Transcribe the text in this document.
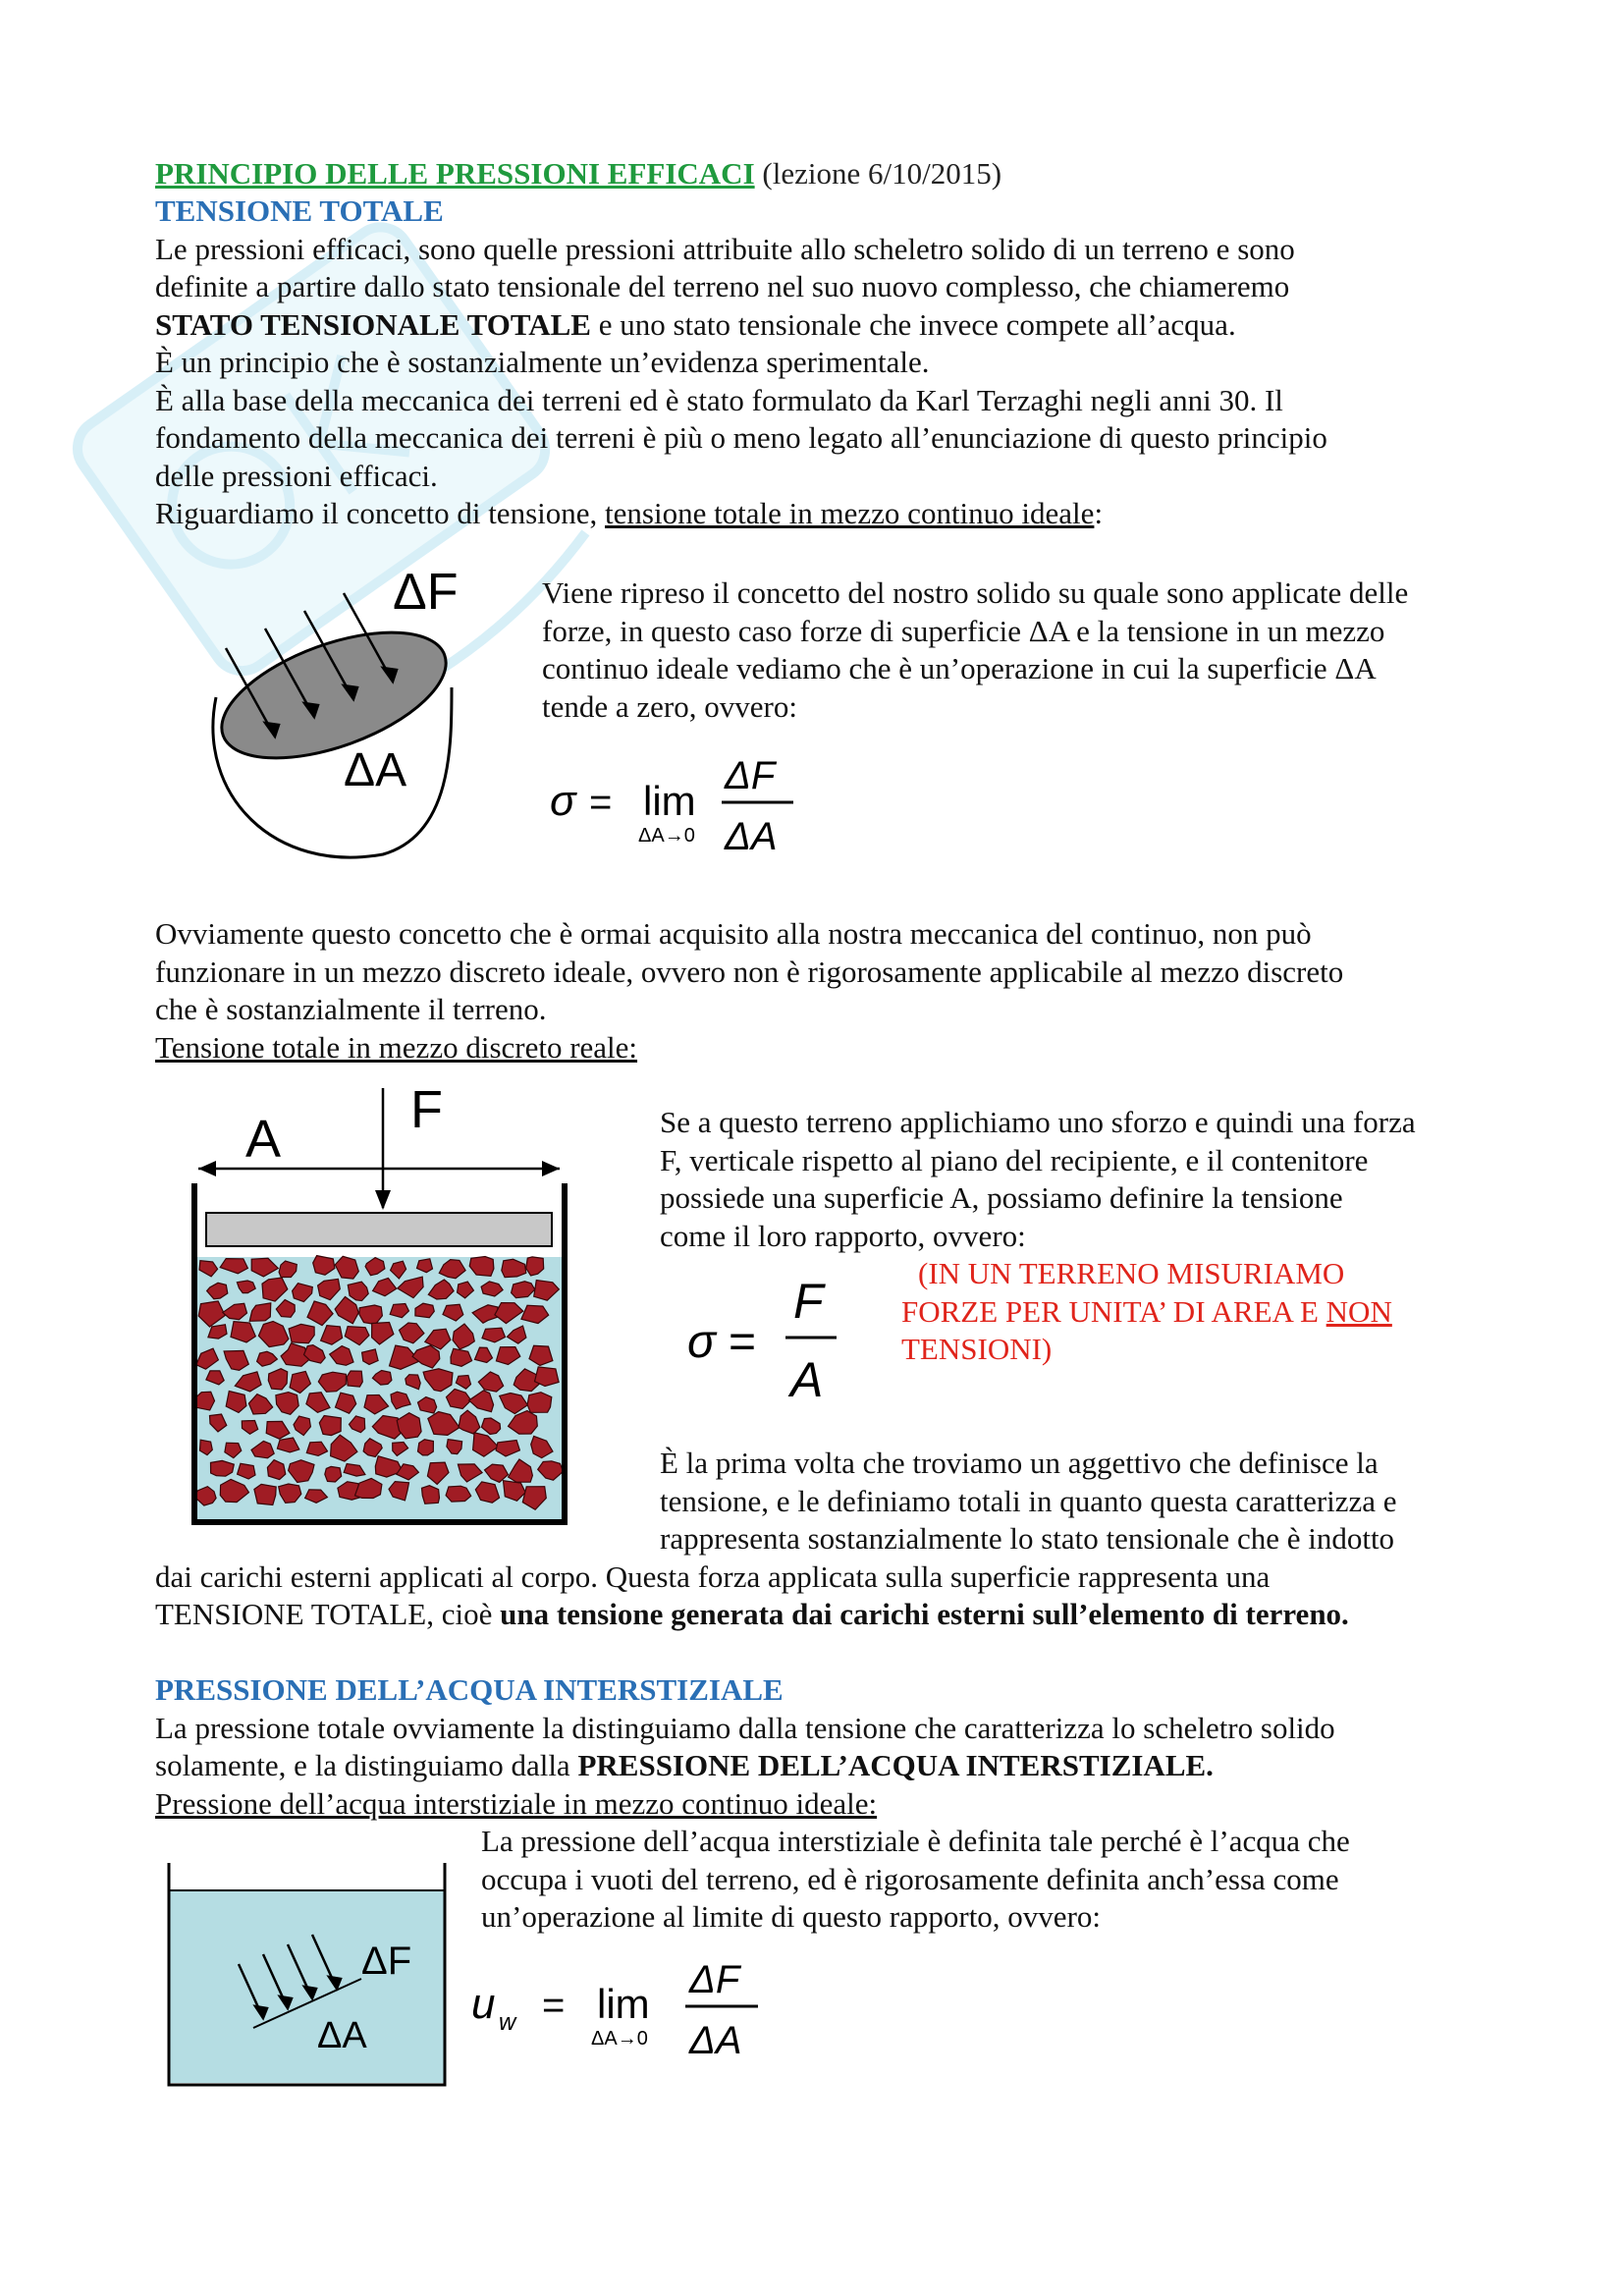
PRINCIPIO DELLE PRESSIONI EFFICACI (lezione 6/10/2015)
TENSIONE TOTALE
Le pressioni efficaci, sono quelle pressioni attribuite allo scheletro solido di un terreno e sono
definite a partire dallo stato tensionale del terreno nel suo nuovo complesso, che chiameremo
STATO TENSIONALE TOTALE e uno stato tensionale che invece compete all’acqua.
È un principio che è sostanzialmente un’evidenza sperimentale.
È alla base della meccanica dei terreni ed è stato formulato da Karl Terzaghi negli anni 30. Il
fondamento della meccanica dei terreni è più o meno legato all’enunciazione di questo principio
delle pressioni efficaci.
Riguardiamo il concetto di tensione, tensione totale in mezzo continuo ideale:
ΔF
ΔA
Viene ripreso il concetto del nostro solido su quale sono applicate delle
forze, in questo caso forze di superficie ΔA e la tensione in un mezzo
continuo ideale vediamo che è un’operazione in cui la superficie ΔA
tende a zero, ovvero:
σ = lim
ΔA→0
ΔF
ΔA
Ovviamente questo concetto che è ormai acquisito alla nostra meccanica del continuo, non può
funzionare in un mezzo discreto ideale, ovvero non è rigorosamente applicabile al mezzo discreto
che è sostanzialmente il terreno.
Tensione totale in mezzo discreto reale:
A F	Se a questo terreno applichiamo uno sforzo e quindi una forza
F, verticale rispetto al piano del recipiente, e il contenitore
possiede una superficie A, possiamo definire la tensione
come il loro rapporto, ovvero:
(IN UN TERRENO MISURIAMO
FORZE PER UNITA’ DI AREA E NON
TENSIONI)
σ =
F
A
È la prima volta che troviamo un aggettivo che definisce la
tensione, e le definiamo totali in quanto questa caratterizza e
rappresenta sostanzialmente lo stato tensionale che è indotto
dai carichi esterni applicati al corpo. Questa forza applicata sulla superficie rappresenta una
TENSIONE TOTALE, cioè una tensione generata dai carichi esterni sull’elemento di terreno.
PRESSIONE DELL’ACQUA INTERSTIZIALE
La pressione totale ovviamente la distinguiamo dalla tensione che caratterizza lo scheletro solido
solamente, e la distinguiamo dalla PRESSIONE DELL’ACQUA INTERSTIZIALE.
Pressione dell’acqua interstiziale in mezzo continuo ideale:
La pressione dell’acqua interstiziale è definita tale perché è l’acqua che
occupa i vuoti del terreno, ed è rigorosamente definita anch’essa come
un’operazione al limite di questo rapporto, ovvero:
ΔF
ΔA
u w = lim
ΔA→0
ΔF
ΔA
